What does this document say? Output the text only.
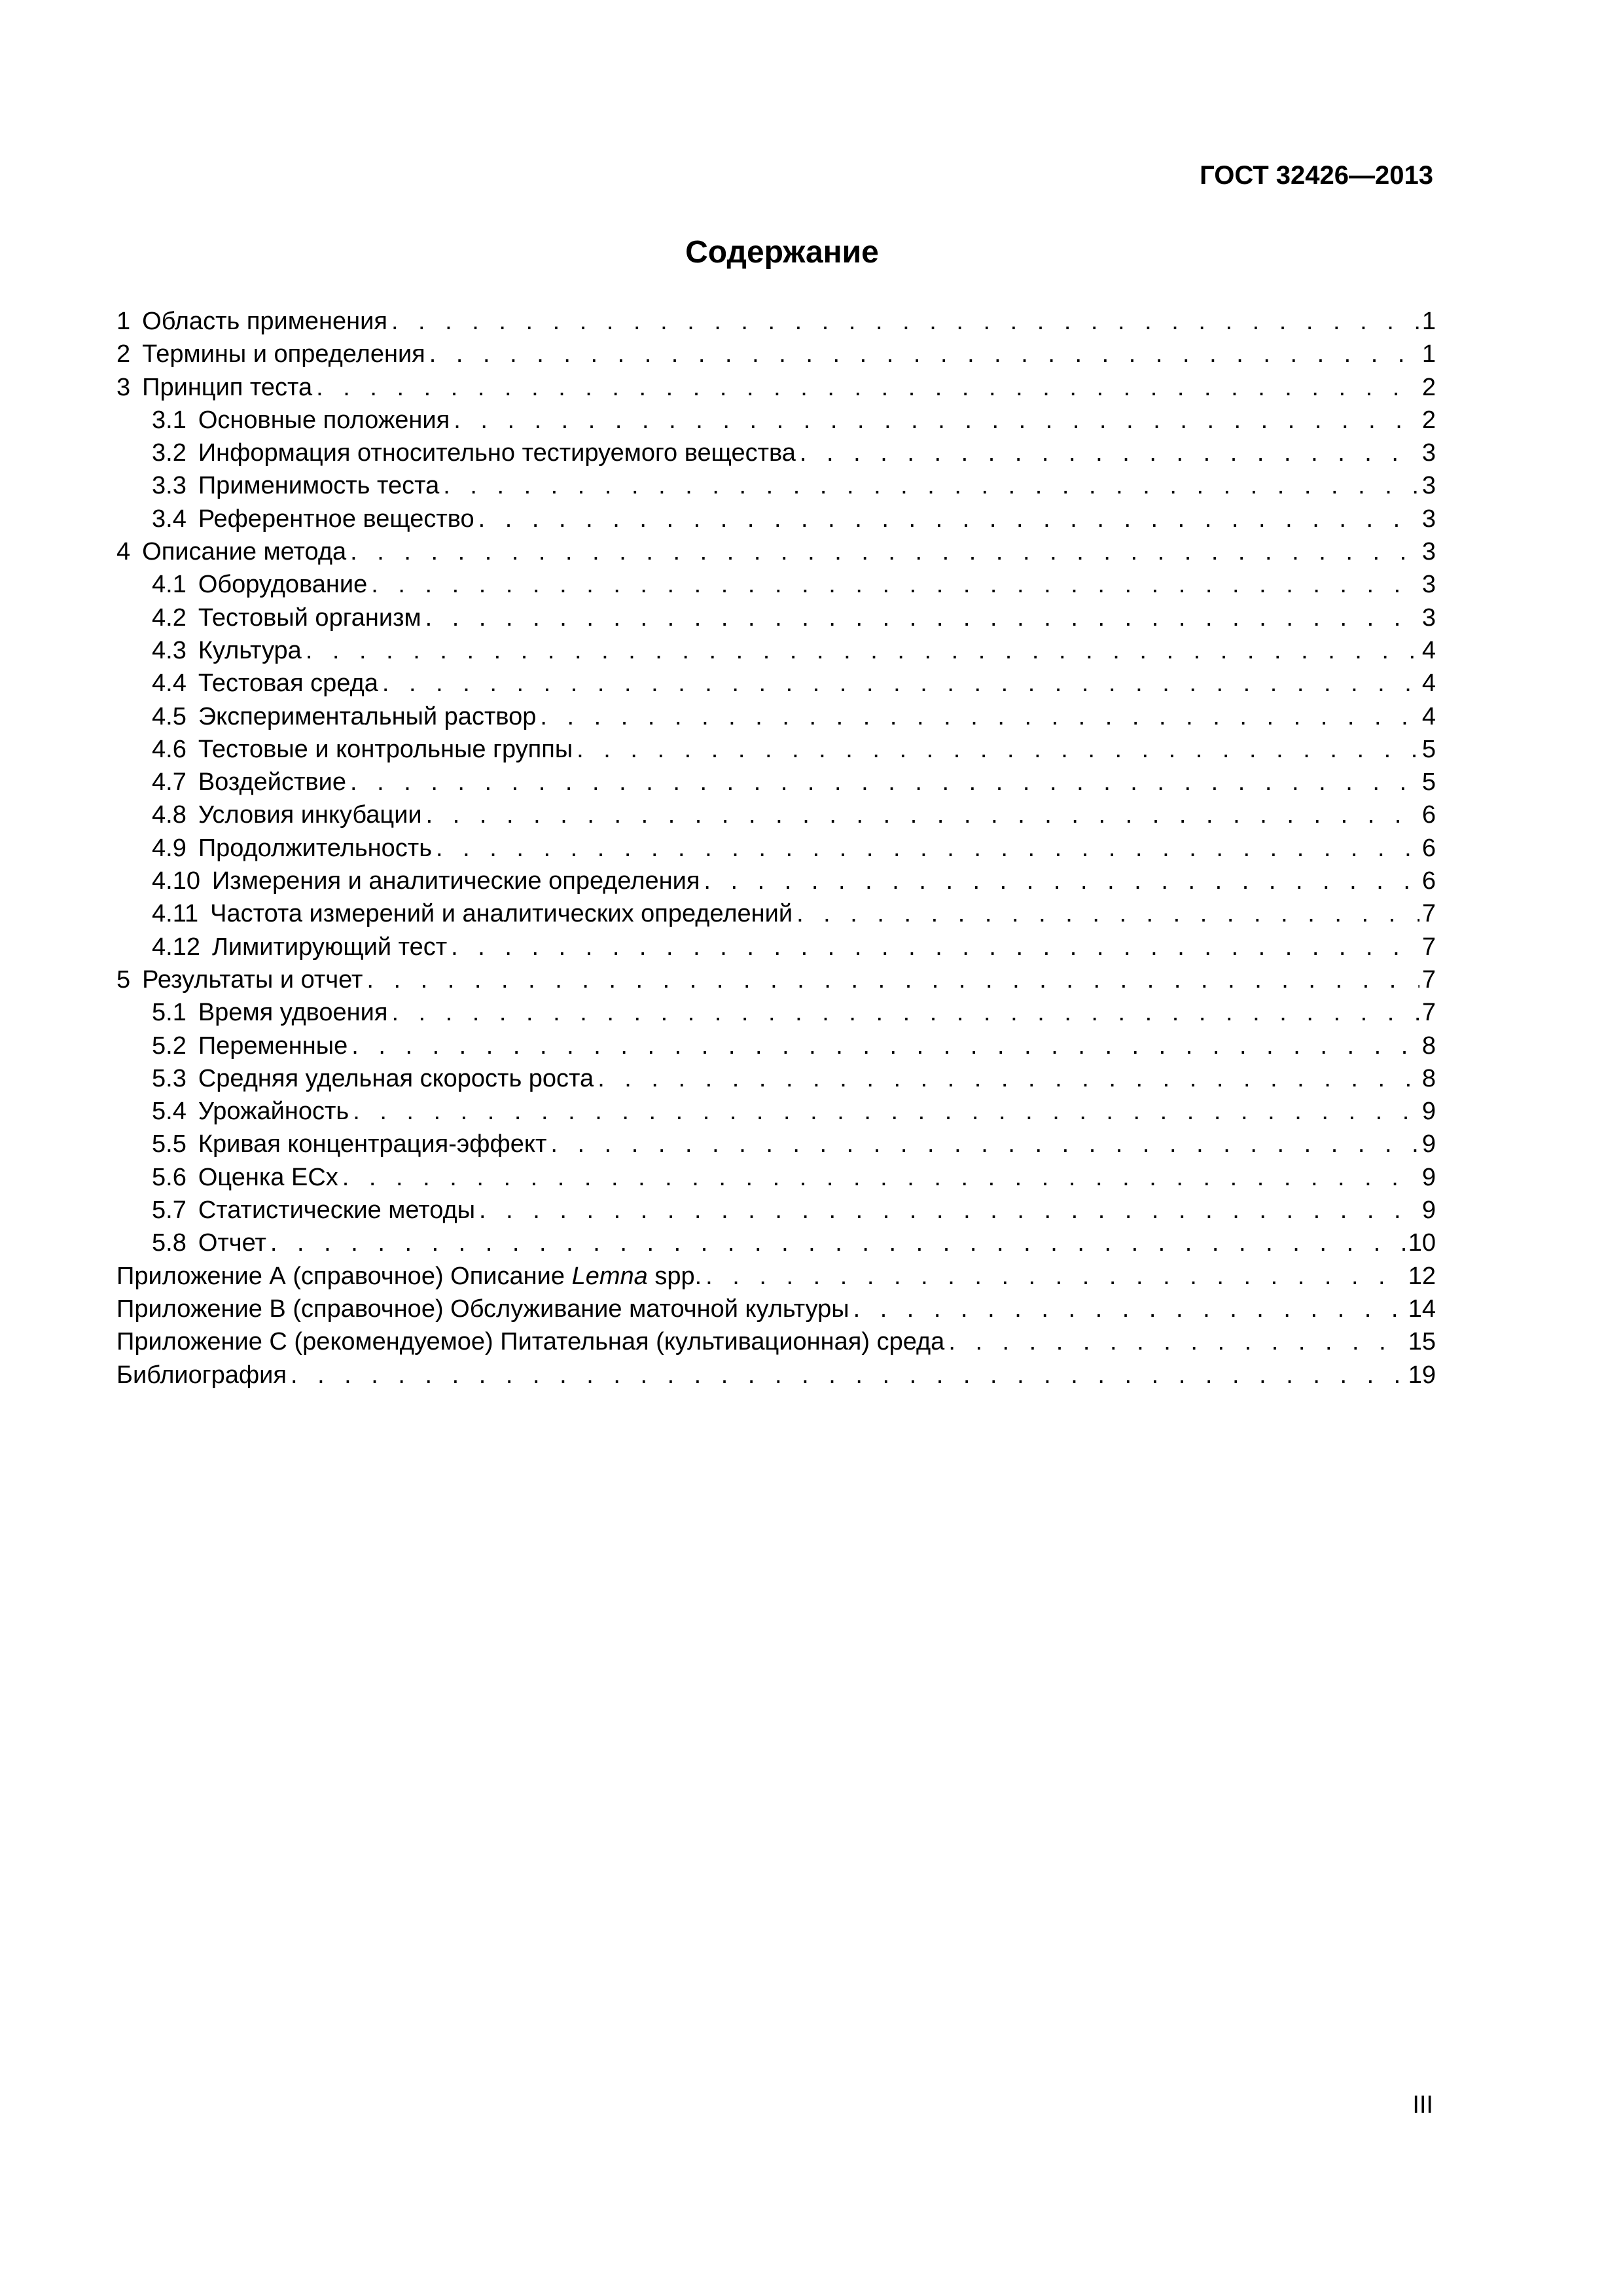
ГОСТ 32426—2013
Содержание
1 Область применения . . .	1
2 Термины и определения . . .	1
3 Принцип теста . . .	2
3.1 Основные положения . . .	2
3.2 Информация относительно тестируемого вещества . . .	3
3.3 Применимость теста . . .	3
3.4 Референтное вещество . . .	3
4 Описание метода . . .	3
4.1 Оборудование . . .	3
4.2 Тестовый организм . . .	3
4.3 Культура . . .	4
4.4 Тестовая среда . . .	4
4.5 Экспериментальный раствор . . .	4
4.6 Тестовые и контрольные группы . . .	5
4.7 Воздействие . . .	5
4.8 Условия инкубации . . .	6
4.9 Продолжительность . . .	6
4.10 Измерения и аналитические определения . . .	6
4.11 Частота измерений и аналитических определений . . .	7
4.12 Лимитирующий тест . . .	7
5 Результаты и отчет . . .	7
5.1 Время удвоения . . .	7
5.2 Переменные . . .	8
5.3 Средняя удельная скорость роста . . .	8
5.4 Урожайность . . .	9
5.5 Кривая концентрация-эффект . . .	9
5.6 Оценка ECx . . .	9
5.7 Статистические методы . . .	9
5.8 Отчет . . .	10
Приложение А (справочное) Описание Lemna spp. . . .	12
Приложение В (справочное) Обслуживание маточной культуры . . .	14
Приложение С (рекомендуемое) Питательная (культивационная) среда . . .	15
Библиография . . .	19
III
